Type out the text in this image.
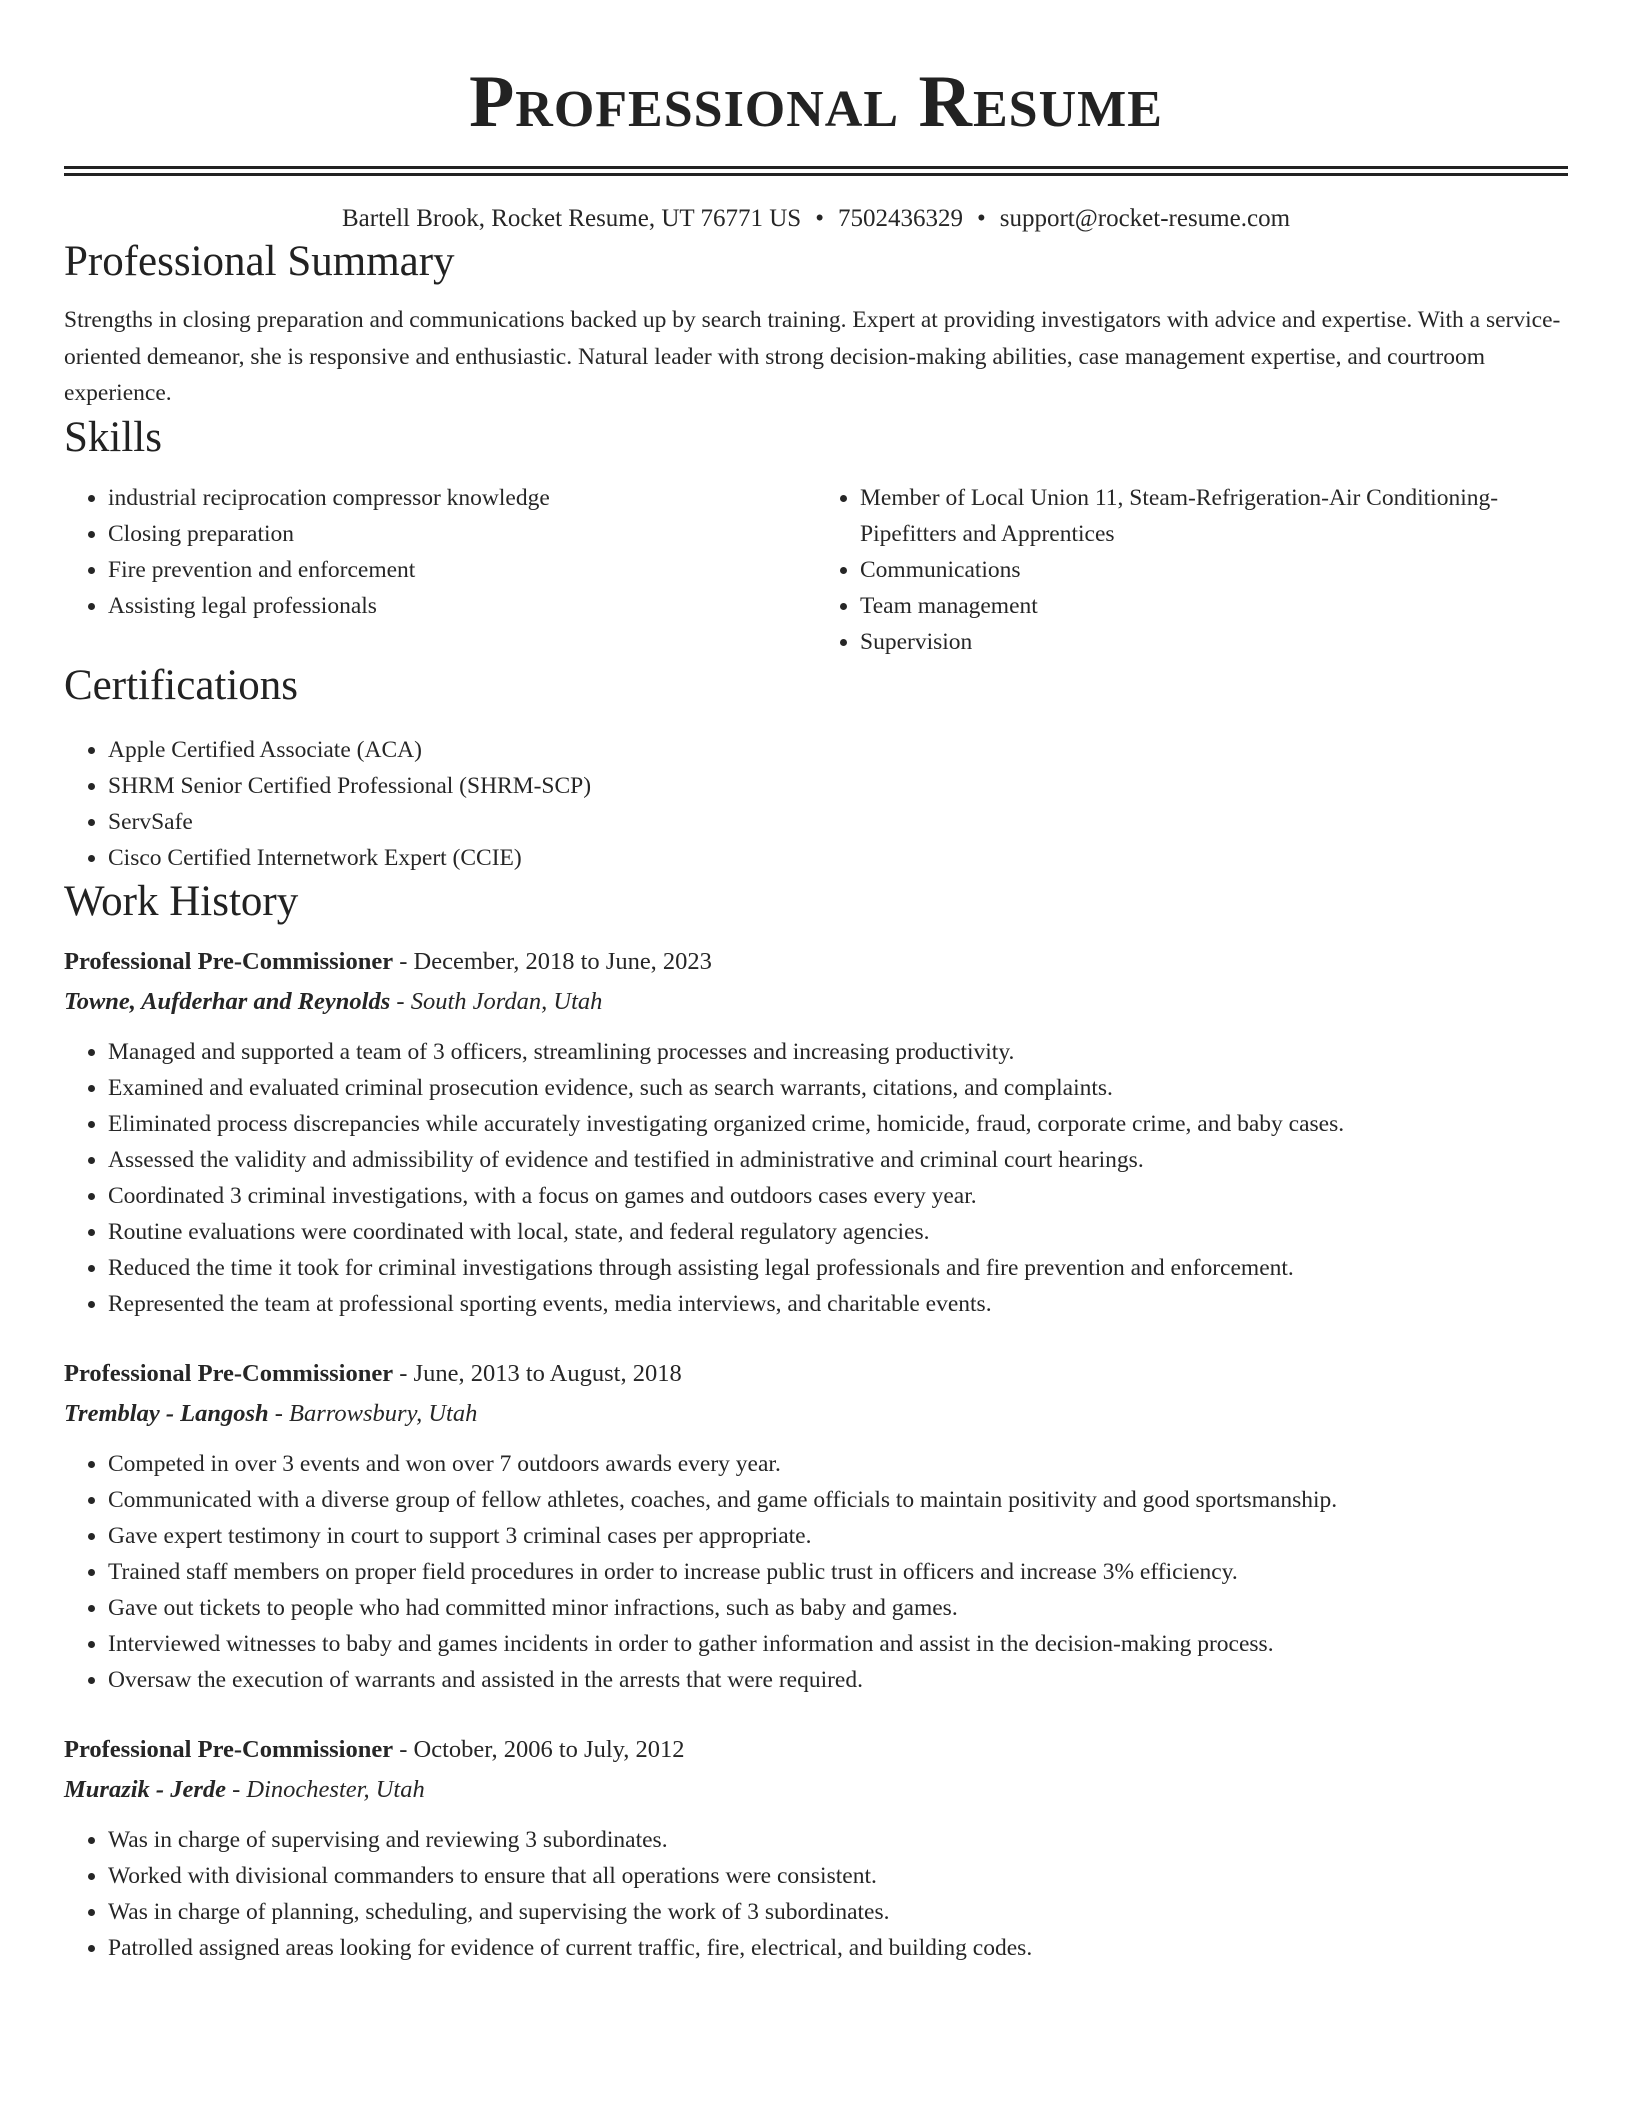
Professional Resume
Bartell Brook, Rocket Resume, UT 76771 US • 7502436329 • support@rocket-resume.com
Professional Summary

Strengths in closing preparation and communications backed up by search training. Expert at providing investigators with advice and expertise. With a service-oriented demeanor, she is responsive and enthusiastic. Natural leader with strong decision-making abilities, case management expertise, and courtroom experience.

Skills
• industrial reciprocation compressor knowledge
• Closing preparation
• Fire prevention and enforcement
• Assisting legal professionals
• Member of Local Union 11, Steam-Refrigeration-Air Conditioning-Pipefitters and Apprentices
• Communications
• Team management
• Supervision
Certifications
• Apple Certified Associate (ACA)
• SHRM Senior Certified Professional (SHRM-SCP)
• ServSafe
• Cisco Certified Internetwork Expert (CCIE)
Work History
Professional Pre-Commissioner - December, 2018 to June, 2023
Towne, Aufderhar and Reynolds - South Jordan, Utah
• Managed and supported a team of 3 officers, streamlining processes and increasing productivity.
• Examined and evaluated criminal prosecution evidence, such as search warrants, citations, and complaints.
• Eliminated process discrepancies while accurately investigating organized crime, homicide, fraud, corporate crime, and baby cases.
• Assessed the validity and admissibility of evidence and testified in administrative and criminal court hearings.
• Coordinated 3 criminal investigations, with a focus on games and outdoors cases every year.
• Routine evaluations were coordinated with local, state, and federal regulatory agencies.
• Reduced the time it took for criminal investigations through assisting legal professionals and fire prevention and enforcement.
• Represented the team at professional sporting events, media interviews, and charitable events.
Professional Pre-Commissioner - June, 2013 to August, 2018
Tremblay - Langosh - Barrowsbury, Utah
• Competed in over 3 events and won over 7 outdoors awards every year.
• Communicated with a diverse group of fellow athletes, coaches, and game officials to maintain positivity and good sportsmanship.
• Gave expert testimony in court to support 3 criminal cases per appropriate.
• Trained staff members on proper field procedures in order to increase public trust in officers and increase 3% efficiency.
• Gave out tickets to people who had committed minor infractions, such as baby and games.
• Interviewed witnesses to baby and games incidents in order to gather information and assist in the decision-making process.
• Oversaw the execution of warrants and assisted in the arrests that were required.
Professional Pre-Commissioner - October, 2006 to July, 2012
Murazik - Jerde - Dinochester, Utah
• Was in charge of supervising and reviewing 3 subordinates.
• Worked with divisional commanders to ensure that all operations were consistent.
• Was in charge of planning, scheduling, and supervising the work of 3 subordinates.
• Patrolled assigned areas looking for evidence of current traffic, fire, electrical, and building codes.
